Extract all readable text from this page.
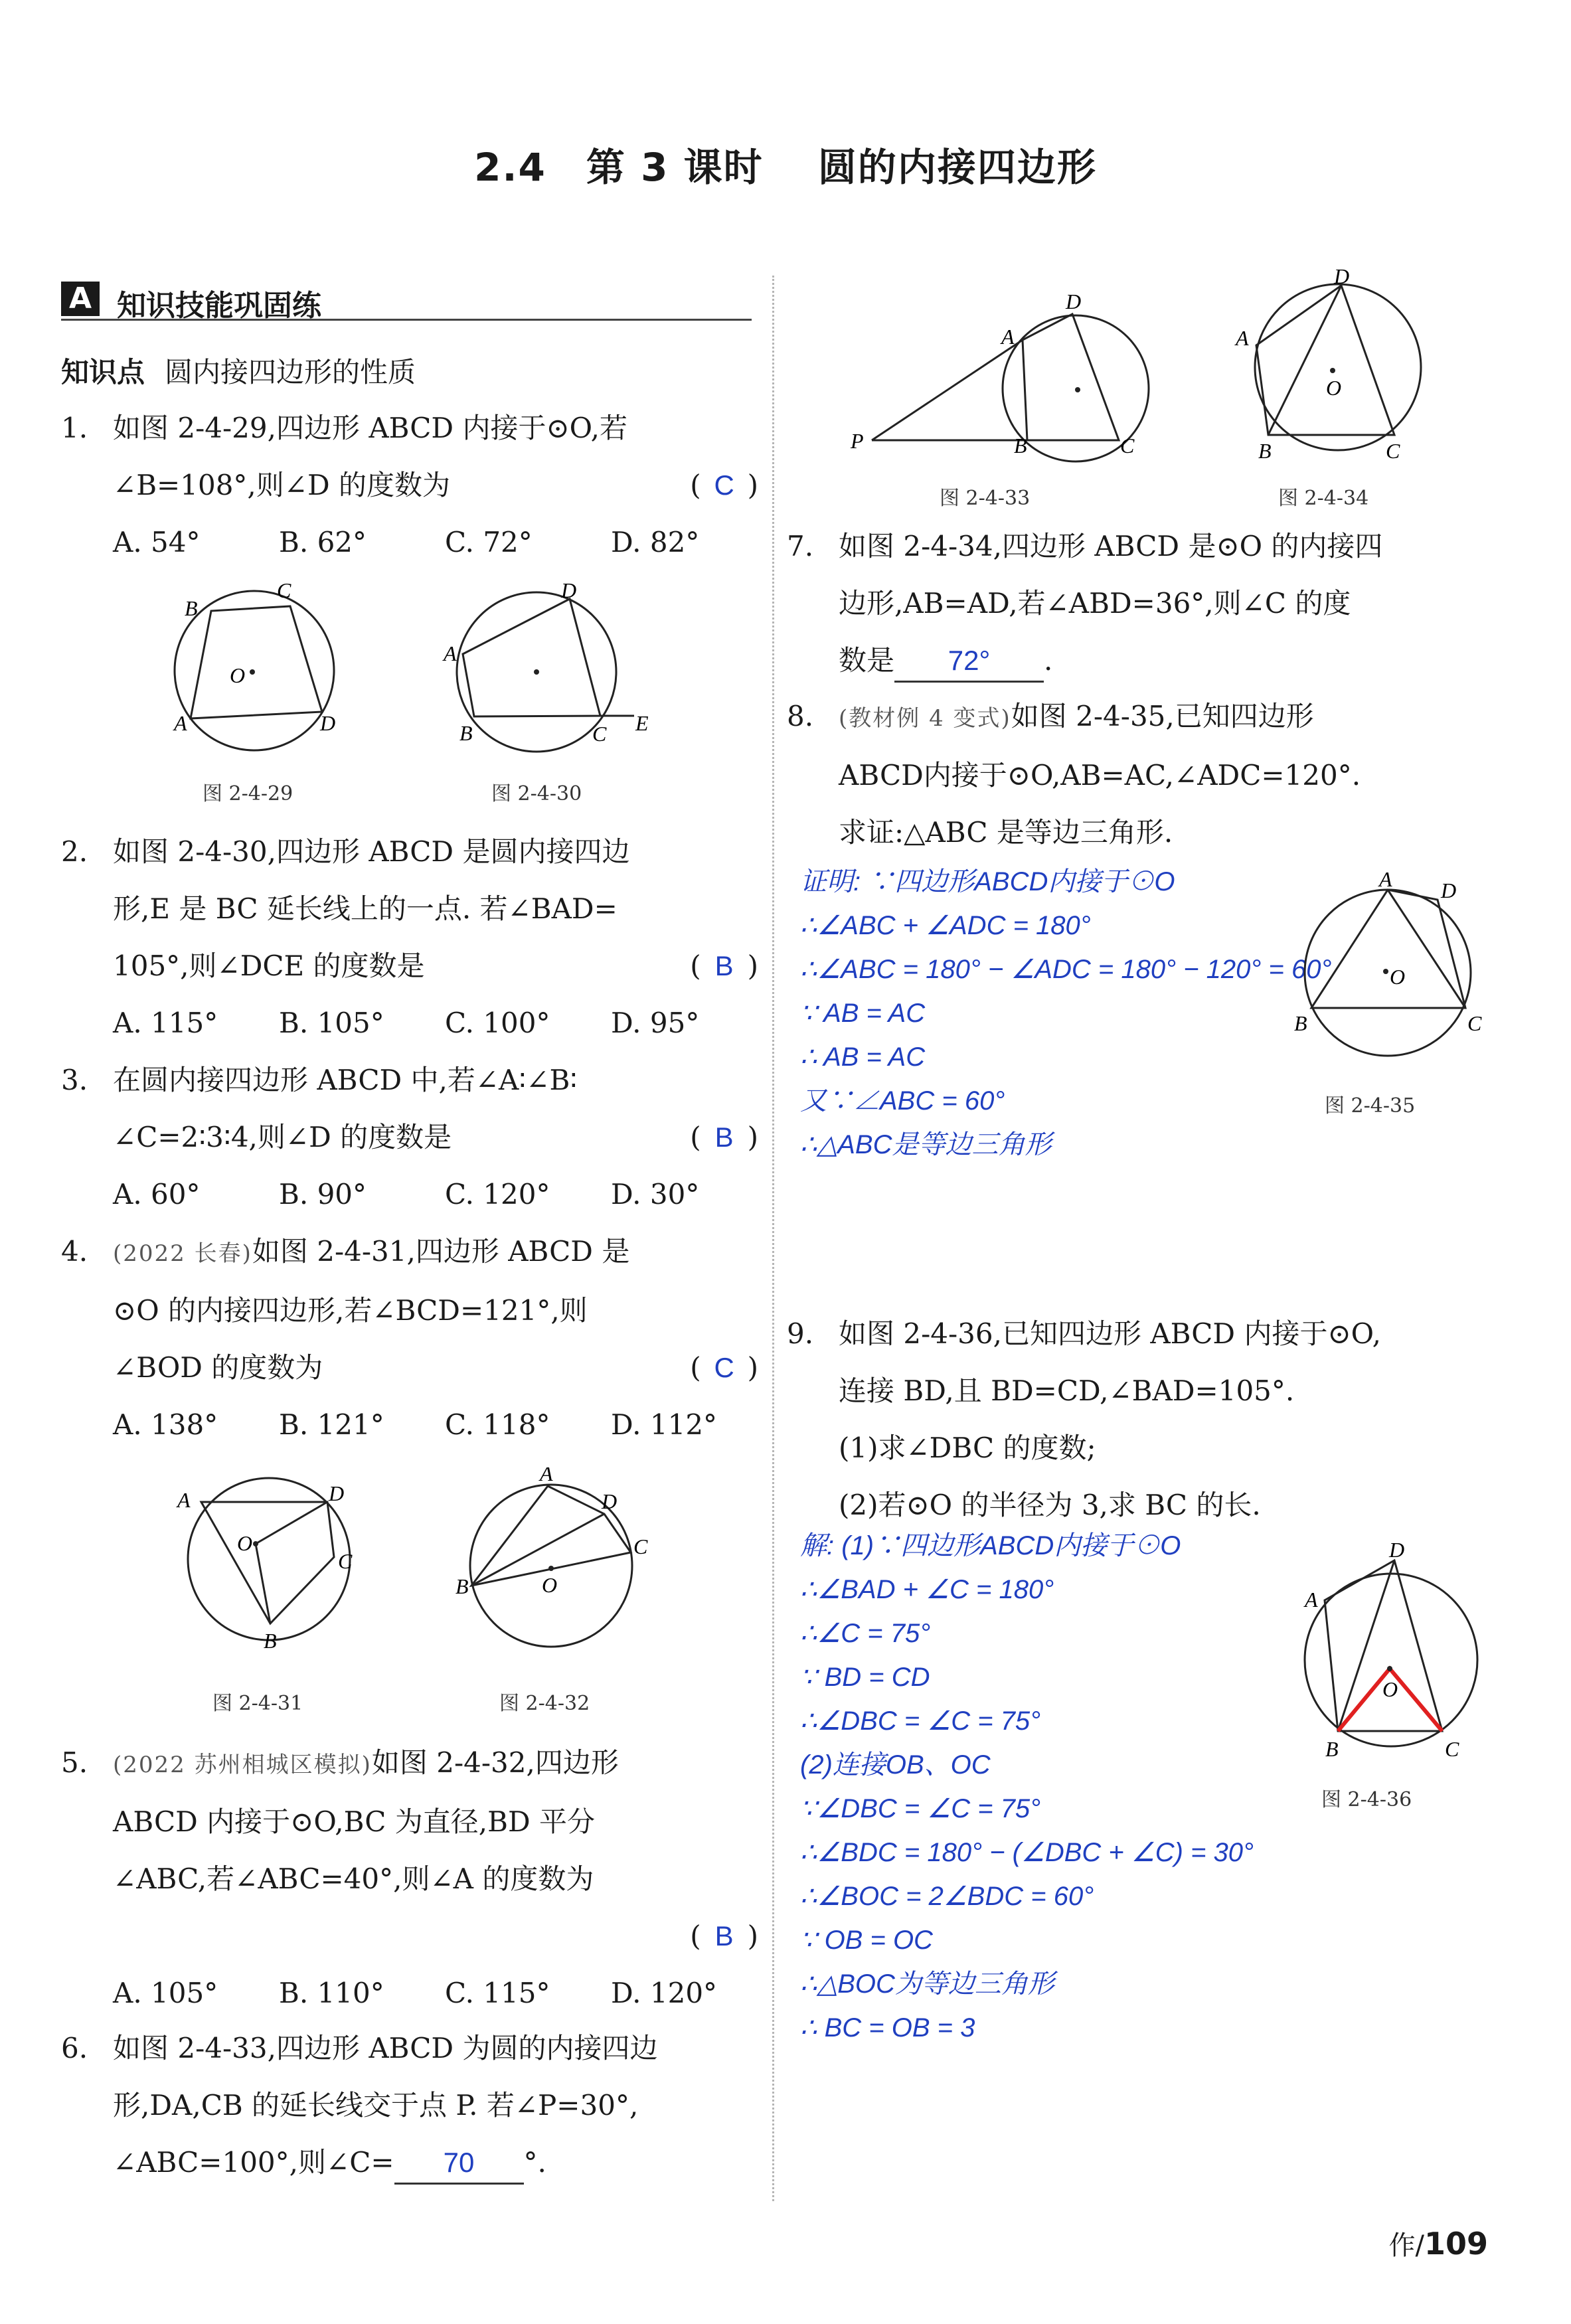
2.4　第 3 课时　 圆的内接四边形
A 知识技能巩固练
知识点 圆内接四边形的性质
1. 如图 2-4-29,四边形 ABCD 内接于⊙O,若
∠B=108°,则∠D 的度数为	( C )
A. 54°	B. 62°	C. 72°	D. 82°
A
B
C
D
O
图 2-4-29
A
B	C
D
E
图 2-4-30
2. 如图 2-4-30,四边形 ABCD 是圆内接四边
形,E 是 BC 延长线上的一点. 若∠BAD=
105°,则∠DCE 的度数是	( B )
A. 115° B. 105° C. 100° D. 95°
3. 在圆内接四边形 ABCD 中,若∠A∶∠B∶
∠C=2∶3∶4,则∠D 的度数是	( B )
A. 60°	B. 90°	C. 120° D. 30°
4. (2022 长春)如图 2-4-31,四边形 ABCD 是
⊙O 的内接四边形,若∠BCD=121°,则
∠BOD 的度数为	( C )
A. 138° B. 121° C. 118° D. 112°
A
B
C
D
O
图 2-4-31
A
B
C
D
O
图 2-4-32
5. (2022 苏州相城区模拟)如图 2-4-32,四边形
ABCD 内接于⊙O,BC 为直径,BD 平分
∠ABC,若∠ABC=40°,则∠A 的度数为
( B )

A. 105° B. 110° C. 115° D. 120°
6. 如图 2-4-33,四边形 ABCD 为圆的内接四边
形,DA,CB 的延长线交于点 P. 若∠P=30°,
∠ABC=100°,则∠C= 70 °.
A
B	C
D
P
图 2-4-33
A
B	C
D
O
图 2-4-34
7. 如图 2-4-34,四边形 ABCD 是⊙O 的内接四
边形,AB=AD,若∠ABD=36°,则∠C 的度
数是 72° .
8. (教材例 4 变式)如图 2-4-35,已知四边形
ABCD内接于⊙O,AB=AC,∠ADC=120°.
求证:△ABC 是等边三角形.
证明: ∵四边形ABCD内接于⊙O
∴∠ABC + ∠ADC = 180°
∴∠ABC = 180° − ∠ADC = 180° − 120° = 60°
∵ AB = AC
∴ AB = AC
又∵∠ABC = 60°
∴△ABC是等边三角形
A
B	C
D
O
图 2-4-35
9. 如图 2-4-36,已知四边形 ABCD 内接于⊙O,
连接 BD,且 BD=CD,∠BAD=105°.
(1)求∠DBC 的度数;
(2)若⊙O 的半径为 3,求 BC 的长.
解: (1)∵四边形ABCD内接于⊙O
∴∠BAD + ∠C = 180°
∴∠C = 75°
∵ BD = CD
∴∠DBC = ∠C = 75°
(2)连接OB、OC
∵∠DBC = ∠C = 75°
∴∠BDC = 180° − (∠DBC + ∠C) = 30°
∴∠BOC = 2∠BDC = 60°
∵ OB = OC
∴△BOC为等边三角形
∴ BC = OB = 3
A
B	C
D
O
图 2-4-36
作/109
